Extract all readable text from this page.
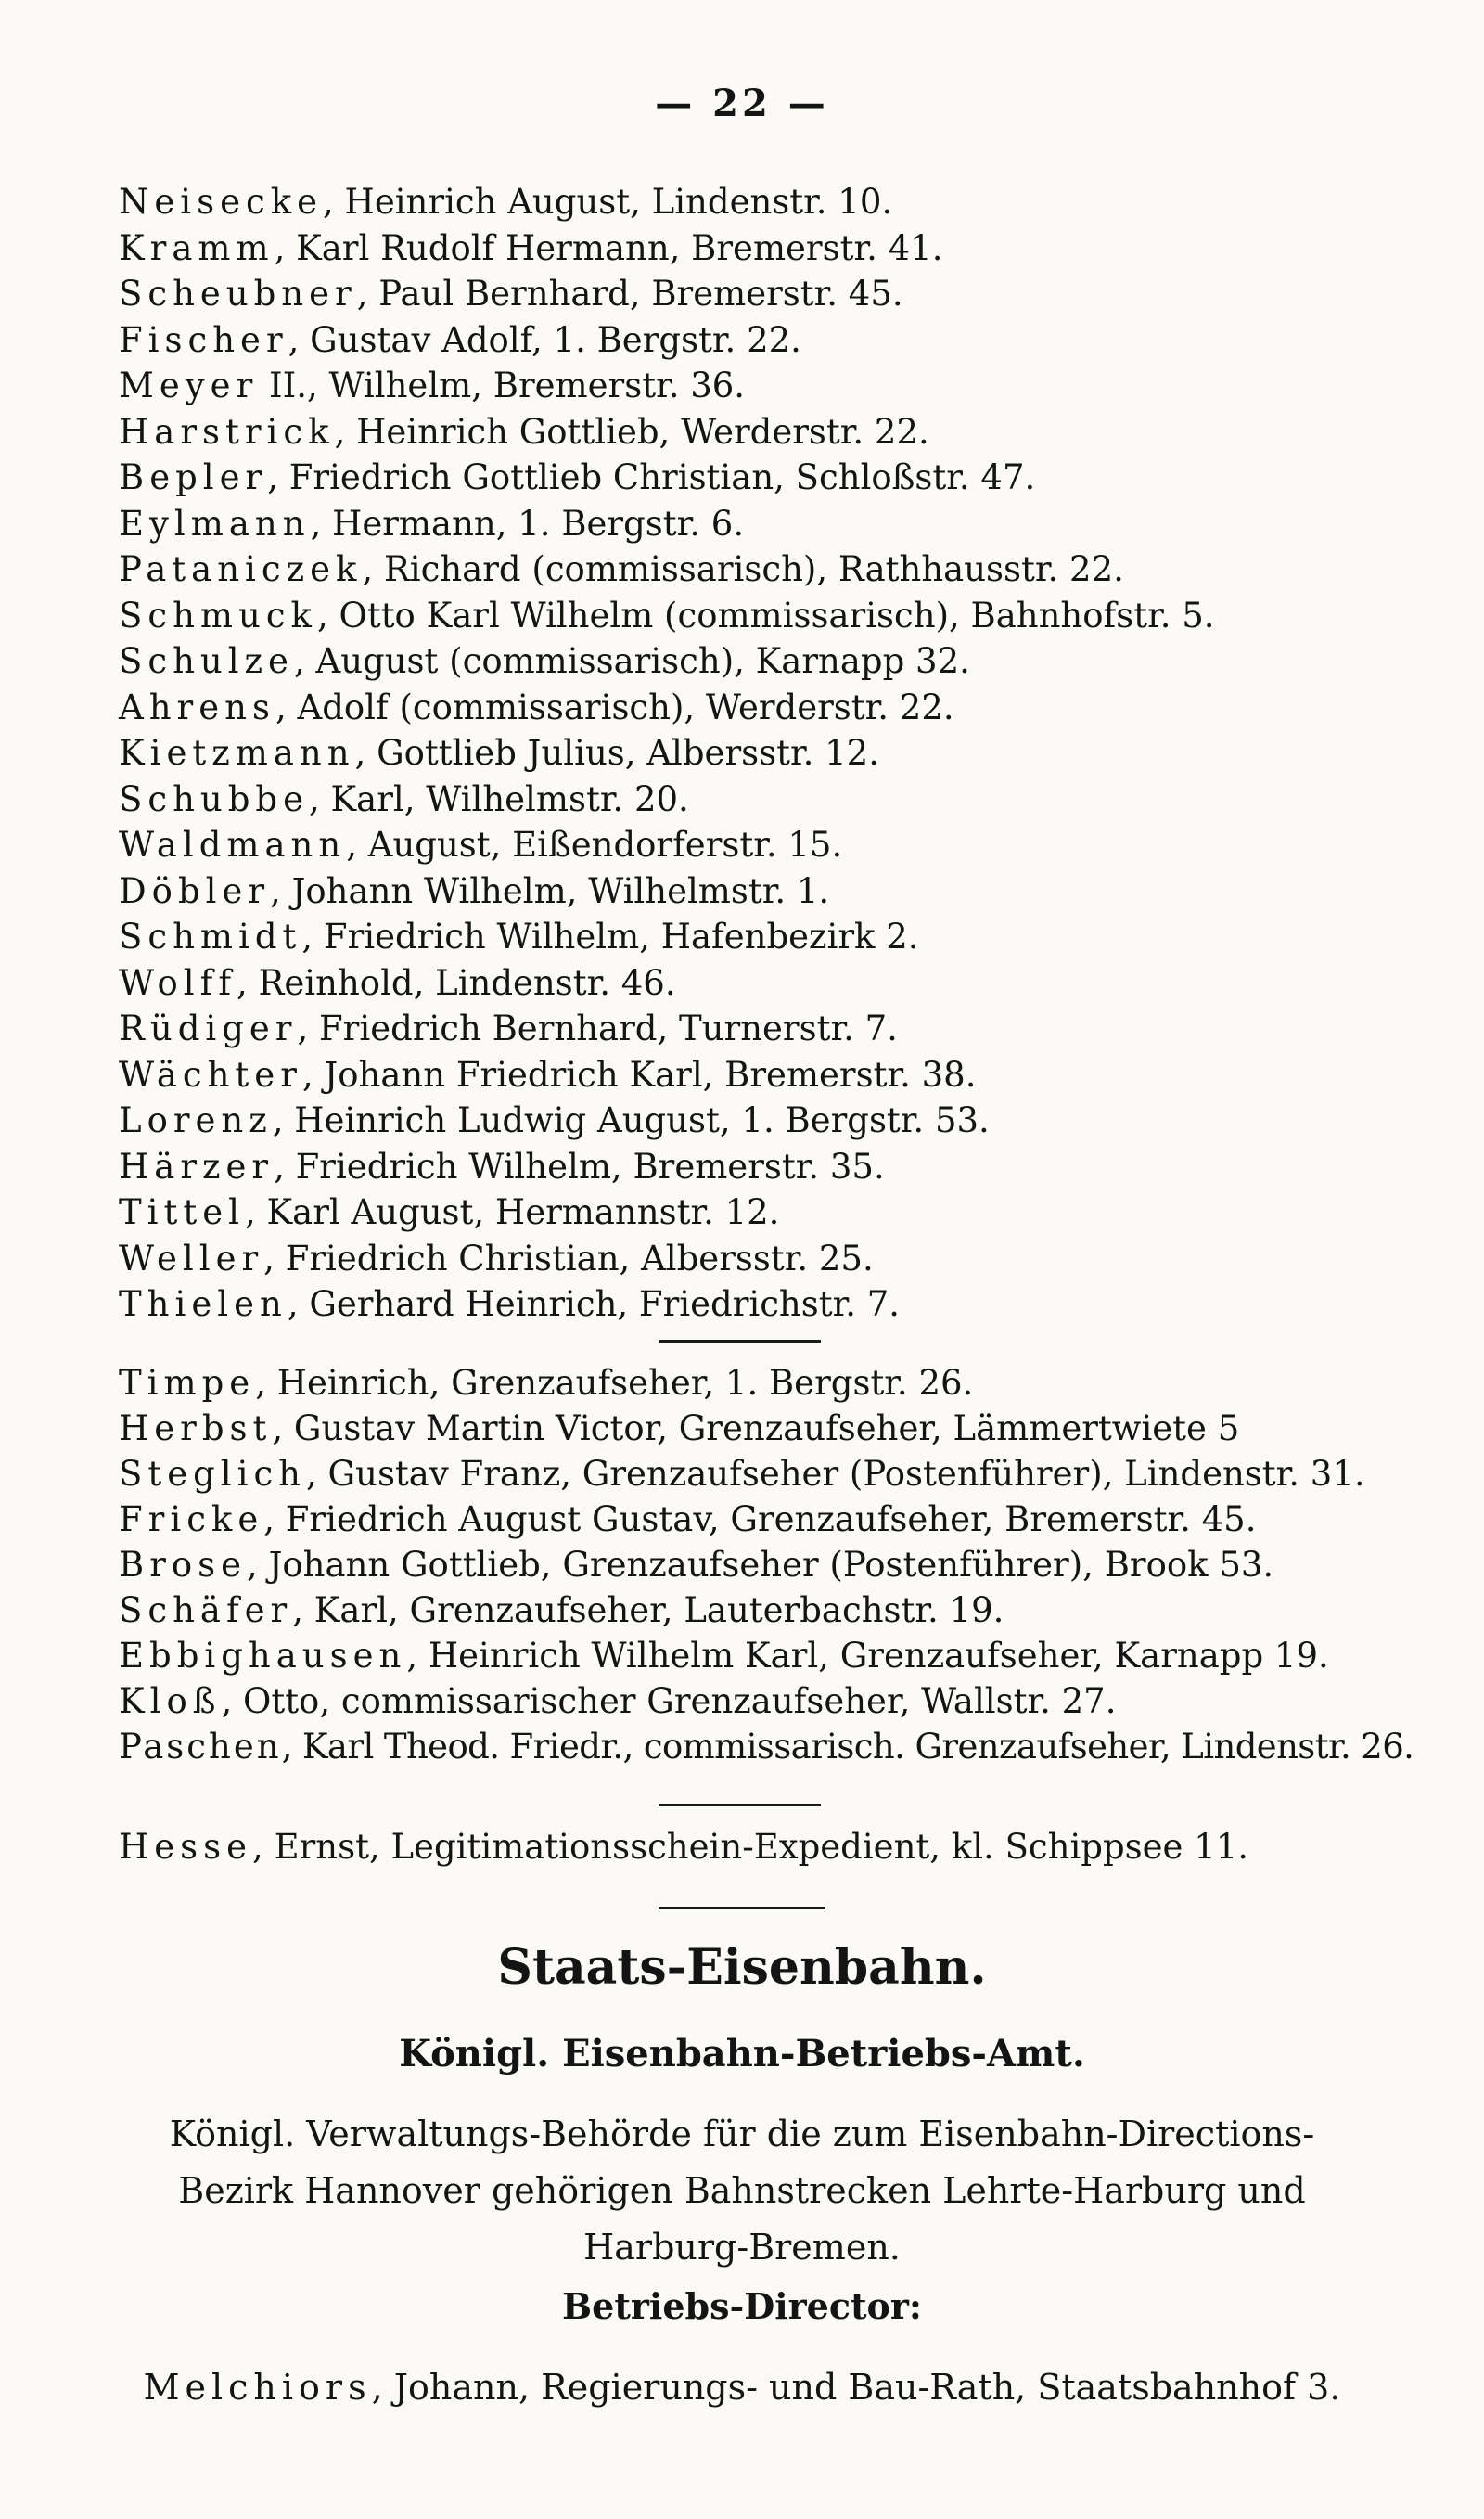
— 22 —
Neisecke, Heinrich August, Lindenstr. 10.
Kramm, Karl Rudolf Hermann, Bremerstr. 41.
Scheubner, Paul Bernhard, Bremerstr. 45.
Fischer, Gustav Adolf, 1. Bergstr. 22.
Meyer II., Wilhelm, Bremerstr. 36.
Harstrick, Heinrich Gottlieb, Werderstr. 22.
Bepler, Friedrich Gottlieb Christian, Schloßstr. 47.
Eylmann, Hermann, 1. Bergstr. 6.
Pataniczek, Richard (commissarisch), Rathhausstr. 22.
Schmuck, Otto Karl Wilhelm (commissarisch), Bahnhofstr. 5.
Schulze, August (commissarisch), Karnapp 32.
Ahrens, Adolf (commissarisch), Werderstr. 22.
Kietzmann, Gottlieb Julius, Albersstr. 12.
Schubbe, Karl, Wilhelmstr. 20.
Waldmann, August, Eißendorferstr. 15.
Döbler, Johann Wilhelm, Wilhelmstr. 1.
Schmidt, Friedrich Wilhelm, Hafenbezirk 2.
Wolff, Reinhold, Lindenstr. 46.
Rüdiger, Friedrich Bernhard, Turnerstr. 7.
Wächter, Johann Friedrich Karl, Bremerstr. 38.
Lorenz, Heinrich Ludwig August, 1. Bergstr. 53.
Härzer, Friedrich Wilhelm, Bremerstr. 35.
Tittel, Karl August, Hermannstr. 12.
Weller, Friedrich Christian, Albersstr. 25.
Thielen, Gerhard Heinrich, Friedrichstr. 7.
Timpe, Heinrich, Grenzaufseher, 1. Bergstr. 26.
Herbst, Gustav Martin Victor, Grenzaufseher, Lämmertwiete 5
Steglich, Gustav Franz, Grenzaufseher (Postenführer), Lindenstr. 31.
Fricke, Friedrich August Gustav, Grenzaufseher, Bremerstr. 45.
Brose, Johann Gottlieb, Grenzaufseher (Postenführer), Brook 53.
Schäfer, Karl, Grenzaufseher, Lauterbachstr. 19.
Ebbighausen, Heinrich Wilhelm Karl, Grenzaufseher, Karnapp 19.
Kloß, Otto, commissarischer Grenzaufseher, Wallstr. 27.
Paschen, Karl Theod. Friedr., commissarisch. Grenzaufseher, Lindenstr. 26.
Hesse, Ernst, Legitimationsschein-Expedient, kl. Schippsee 11.
Staats-Eisenbahn.
Königl. Eisenbahn-Betriebs-Amt.
Königl. Verwaltungs-Behörde für die zum Eisenbahn-Directions-
Bezirk Hannover gehörigen Bahnstrecken Lehrte-Harburg und
Harburg-Bremen.
Betriebs-Director:
Melchiors, Johann, Regierungs- und Bau-Rath, Staatsbahnhof 3.
